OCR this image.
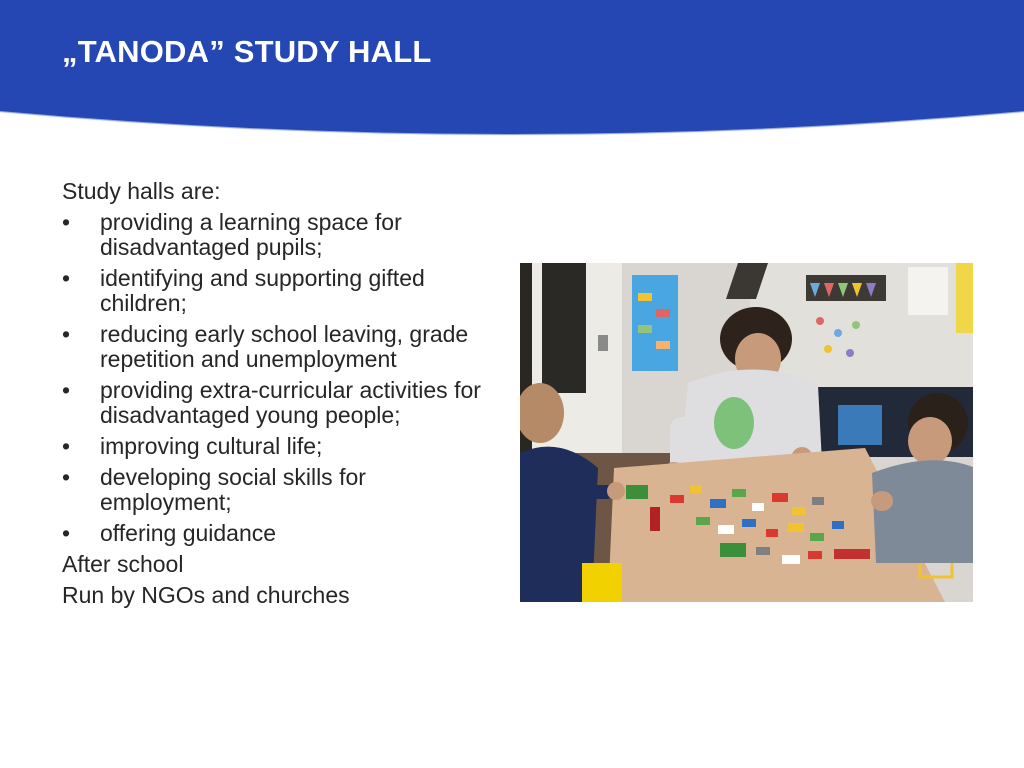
„TANODA” STUDY HALL

Study halls are:

• providing a learning space for disadvantaged pupils;
• identifying and supporting gifted children;
• reducing early school leaving, grade repetition and unemployment
• providing extra-curricular activities for disadvantaged young people;
• improving cultural life;
• developing social skills for employment;
• offering guidance

After school

Run by NGOs and churches
